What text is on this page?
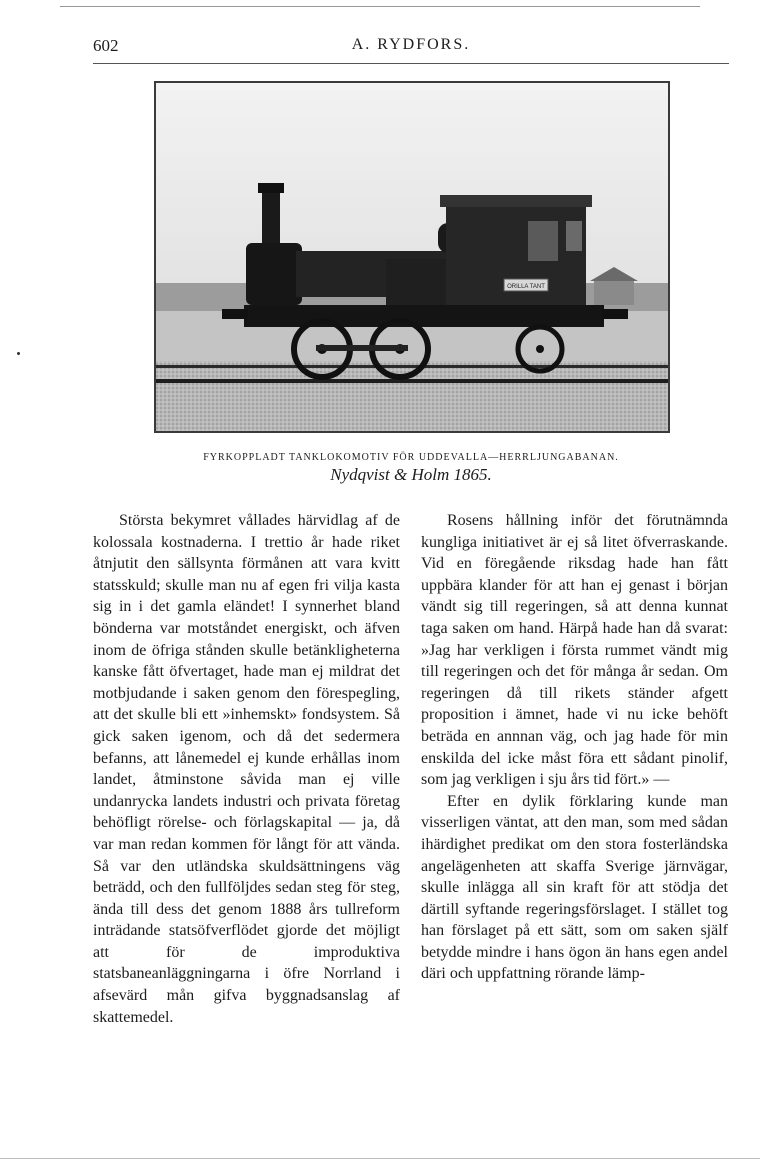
602	A. RYDFORS.
ORILLA TANT
FYRKOPPLADT TANKLOKOMOTIV FÖR UDDEVALLA—HERRLJUNGABANAN.
Nydqvist & Holm 1865.

Största bekymret vållades härvidlag af de kolossala kostnaderna. I trettio år hade riket åtnjutit den sällsynta förmånen att vara kvitt statsskuld; skulle man nu af egen fri vilja kasta sig in i det gamla eländet! I synnerhet bland bönderna var motståndet energiskt, och äfven inom de öfriga stånden skulle betänkligheterna kanske fått öfvertaget, hade man ej mildrat det motbjudande i saken genom den förespegling, att det skulle bli ett »inhemskt» fondsystem. Så gick saken igenom, och då det sedermera befanns, att lånemedel ej kunde erhållas inom landet, åtminstone såvida man ej ville undanrycka landets industri och privata företag behöfligt rörelse- och förlagskapital — ja, då var man redan kommen för långt för att vända. Så var den utländska skuldsättningens väg beträdd, och den fullföljdes sedan steg för steg, ända till dess det genom 1888 års tullreform inträdande statsöfverflödet gjorde det möjligt att för de improduktiva statsbaneanläggningarna i öfre Norrland i afsevärd mån gifva byggnadsanslag af skattemedel.

Rosens hållning inför det förutnämnda kungliga initiativet är ej så litet öfverraskande. Vid en föregående riksdag hade han fått uppbära klander för att han ej genast i början vändt sig till regeringen, så att denna kunnat taga saken om hand. Härpå hade han då svarat: »Jag har verkligen i första rummet vändt mig till regeringen och det för många år sedan. Om regeringen då till rikets ständer afgett proposition i ämnet, hade vi nu icke behöft beträda en annnan väg, och jag hade för min enskilda del icke måst föra ett sådant pinolif, som jag verkligen i sju års tid fört.» —

Efter en dylik förklaring kunde man visserligen väntat, att den man, som med sådan ihärdighet predikat om den stora fosterländska angelägenheten att skaffa Sverige järnvägar, skulle inlägga all sin kraft för att stödja det därtill syftande regeringsförslaget. I stället tog han förslaget på ett sätt, som om saken själf betydde mindre i hans ögon än hans egen andel däri och uppfattning rörande lämp-
